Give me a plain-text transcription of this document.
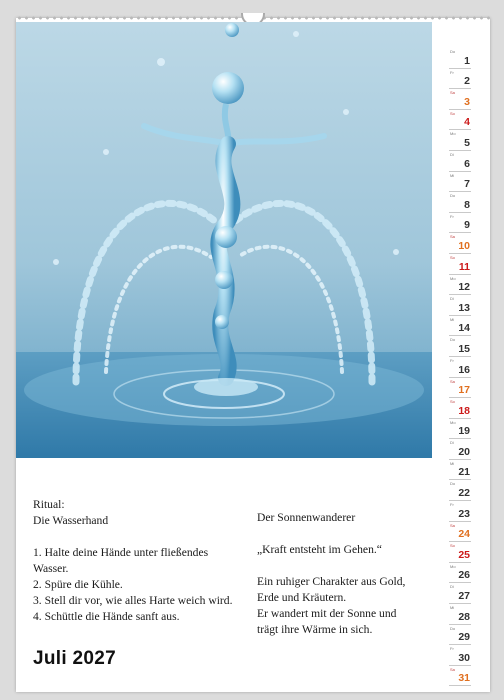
Ritual:
Die Wasserhand
1. Halte deine Hände unter fließendes
Wasser.
2. Spüre die Kühle.
3. Stell dir vor, wie alles Harte weich wird.
4. Schüttle die Hände sanft aus.
Der Sonnenwanderer
„Kraft entsteht im Gehen.“
Ein ruhiger Charakter aus Gold,
Erde und Kräutern.
Er wandert mit der Sonne und
trägt ihre Wärme in sich.
Juli 2027
Do
1
Fr
2
Sa
3
So
4
Mo
5
Di
6
Mi
7
Do
8
Fr
9
Sa
10
So
11
Mo
12
Di
13
Mi
14
Do
15
Fr
16
Sa
17
So
18
Mo
19
Di
20
Mi
21
Do
22
Fr
23
Sa
24
So
25
Mo
26
Di
27
Mi
28
Do
29
Fr
30
Sa
31
